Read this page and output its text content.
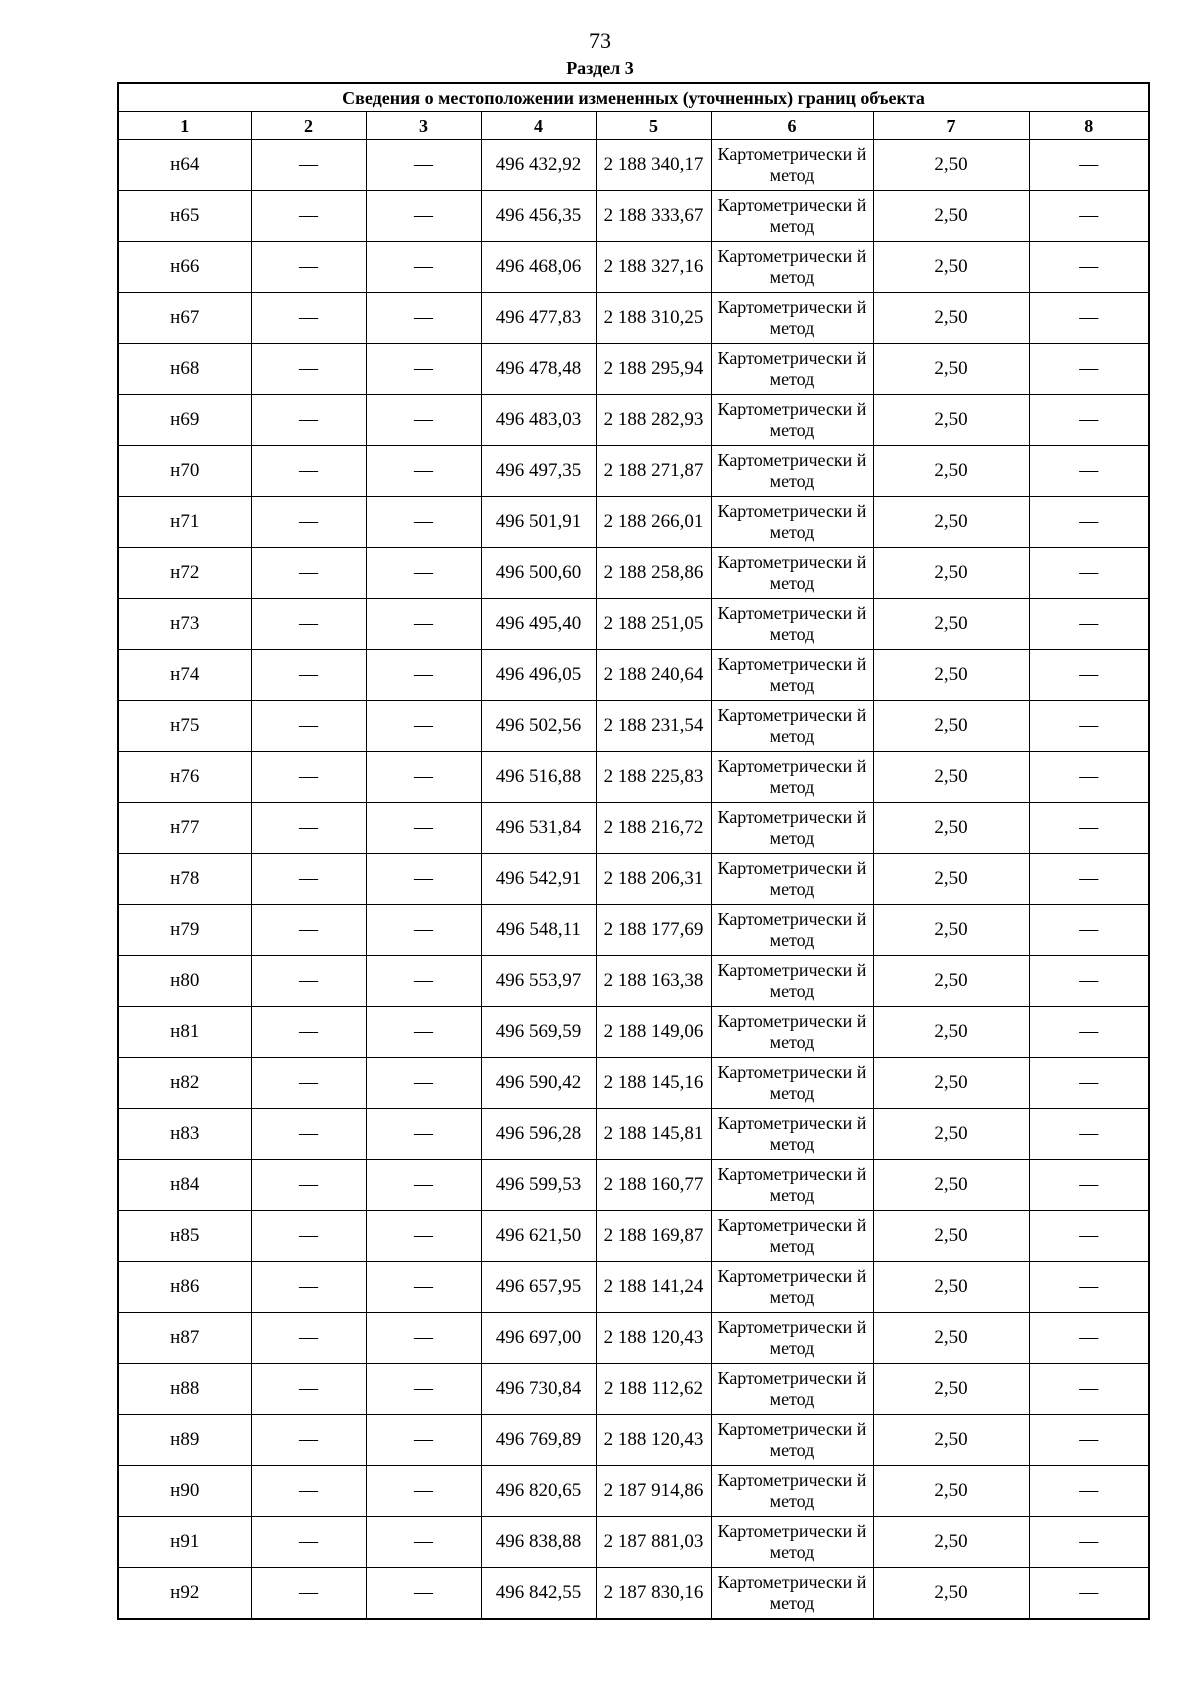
73
Раздел 3
Сведения о местоположении измененных (уточненных) границ объекта							
1	2	3	4	5	6	7	8
н64	—	—	496 432,92	2 188 340,17	Картометрически й метод	2,50	—
н65	—	—	496 456,35	2 188 333,67	Картометрически й метод	2,50	—
н66	—	—	496 468,06	2 188 327,16	Картометрически й метод	2,50	—
н67	—	—	496 477,83	2 188 310,25	Картометрически й метод	2,50	—
н68	—	—	496 478,48	2 188 295,94	Картометрически й метод	2,50	—
н69	—	—	496 483,03	2 188 282,93	Картометрически й метод	2,50	—
н70	—	—	496 497,35	2 188 271,87	Картометрически й метод	2,50	—
н71	—	—	496 501,91	2 188 266,01	Картометрически й метод	2,50	—
н72	—	—	496 500,60	2 188 258,86	Картометрически й метод	2,50	—
н73	—	—	496 495,40	2 188 251,05	Картометрически й метод	2,50	—
н74	—	—	496 496,05	2 188 240,64	Картометрически й метод	2,50	—
н75	—	—	496 502,56	2 188 231,54	Картометрически й метод	2,50	—
н76	—	—	496 516,88	2 188 225,83	Картометрически й метод	2,50	—
н77	—	—	496 531,84	2 188 216,72	Картометрически й метод	2,50	—
н78	—	—	496 542,91	2 188 206,31	Картометрически й метод	2,50	—
н79	—	—	496 548,11	2 188 177,69	Картометрически й метод	2,50	—
н80	—	—	496 553,97	2 188 163,38	Картометрически й метод	2,50	—
н81	—	—	496 569,59	2 188 149,06	Картометрически й метод	2,50	—
н82	—	—	496 590,42	2 188 145,16	Картометрически й метод	2,50	—
н83	—	—	496 596,28	2 188 145,81	Картометрически й метод	2,50	—
н84	—	—	496 599,53	2 188 160,77	Картометрически й метод	2,50	—
н85	—	—	496 621,50	2 188 169,87	Картометрически й метод	2,50	—
н86	—	—	496 657,95	2 188 141,24	Картометрически й метод	2,50	—
н87	—	—	496 697,00	2 188 120,43	Картометрически й метод	2,50	—
н88	—	—	496 730,84	2 188 112,62	Картометрически й метод	2,50	—
н89	—	—	496 769,89	2 188 120,43	Картометрически й метод	2,50	—
н90	—	—	496 820,65	2 187 914,86	Картометрически й метод	2,50	—
н91	—	—	496 838,88	2 187 881,03	Картометрически й метод	2,50	—
н92	—	—	496 842,55	2 187 830,16	Картометрически й метод	2,50	—
